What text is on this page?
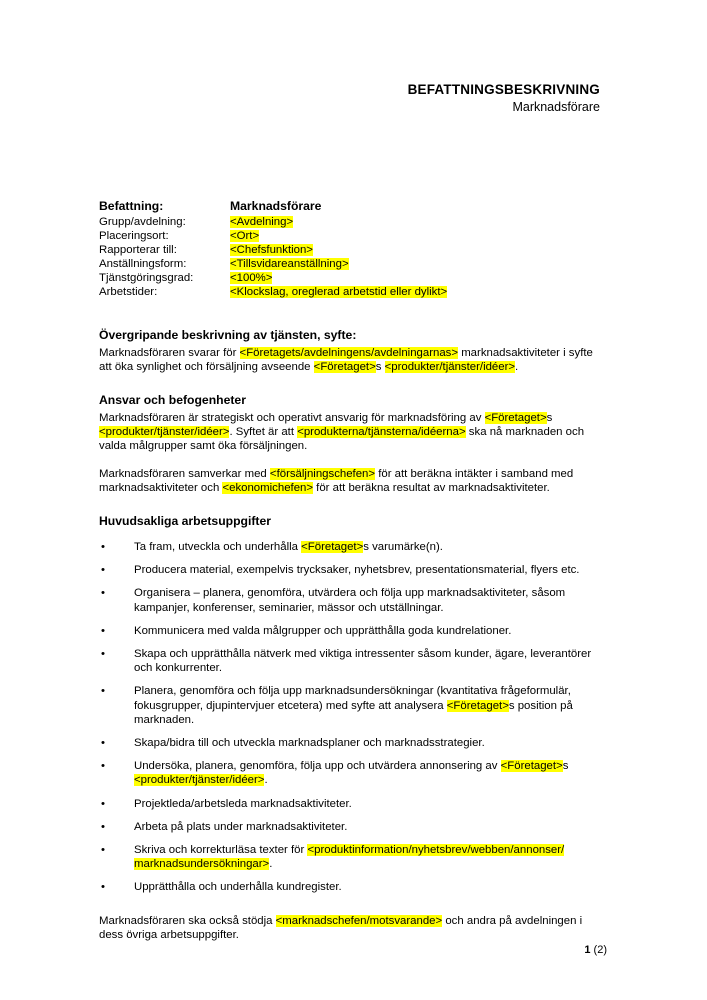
BEFATTNINGSBESKRIVNING
Marknadsförare
Befattning:	Marknadsförare
Grupp/avdelning:	<Avdelning>
Placeringsort:	<Ort>
Rapporterar till:	<Chefsfunktion>
Anställningsform:	<Tillsvidareanställning>
Tjänstgöringsgrad:	<100%>
Arbetstider:	<Klockslag, oreglerad arbetstid eller dylikt>
Övergripande beskrivning av tjänsten, syfte:

Marknadsföraren svarar för <Företagets/avdelningens/avdelningarnas> marknadsaktiviteter i syfte att öka synlighet och försäljning avseende <Företaget>s <produkter/tjänster/idéer>.

Ansvar och befogenheter

Marknadsföraren är strategiskt och operativt ansvarig för marknadsföring av <Företaget>s <produkter/tjänster/idéer>. Syftet är att <produkterna/tjänsterna/idéerna> ska nå marknaden och valda målgrupper samt öka försäljningen.

Marknadsföraren samverkar med <försäljningschefen> för att beräkna intäkter i samband med marknadsaktiviteter och <ekonomichefen> för att beräkna resultat av marknadsaktiviteter.

Huvudsakliga arbetsuppgifter
•	Ta fram, utveckla och underhålla <Företaget>s varumärke(n).
•	Producera material, exempelvis trycksaker, nyhetsbrev, presentationsmaterial, flyers etc.
•	Organisera – planera, genomföra, utvärdera och följa upp marknadsaktiviteter, såsom kampanjer, konferenser, seminarier, mässor och utställningar.
•	Kommunicera med valda målgrupper och upprätthålla goda kundrelationer.
•	Skapa och upprätthålla nätverk med viktiga intressenter såsom kunder, ägare, leverantörer och konkurrenter.
•	Planera, genomföra och följa upp marknadsundersökningar (kvantitativa frågeformulär, fokusgrupper, djupintervjuer etcetera) med syfte att analysera <Företaget>s position på marknaden.
•	Skapa/bidra till och utveckla marknadsplaner och marknadsstrategier.
•	Undersöka, planera, genomföra, följa upp och utvärdera annonsering av <Företaget>s <produkter/tjänster/idéer>.
•	Projektleda/arbetsleda marknadsaktiviteter.
•	Arbeta på plats under marknadsaktiviteter.
•	Skriva och korrekturläsa texter för <produktinformation/nyhetsbrev/webben/annonser/ marknadsundersökningar>.
•	Upprätthålla och underhålla kundregister.

Marknadsföraren ska också stödja <marknadschefen/motsvarande> och andra på avdelningen i dess övriga arbetsuppgifter.

1 (2)
